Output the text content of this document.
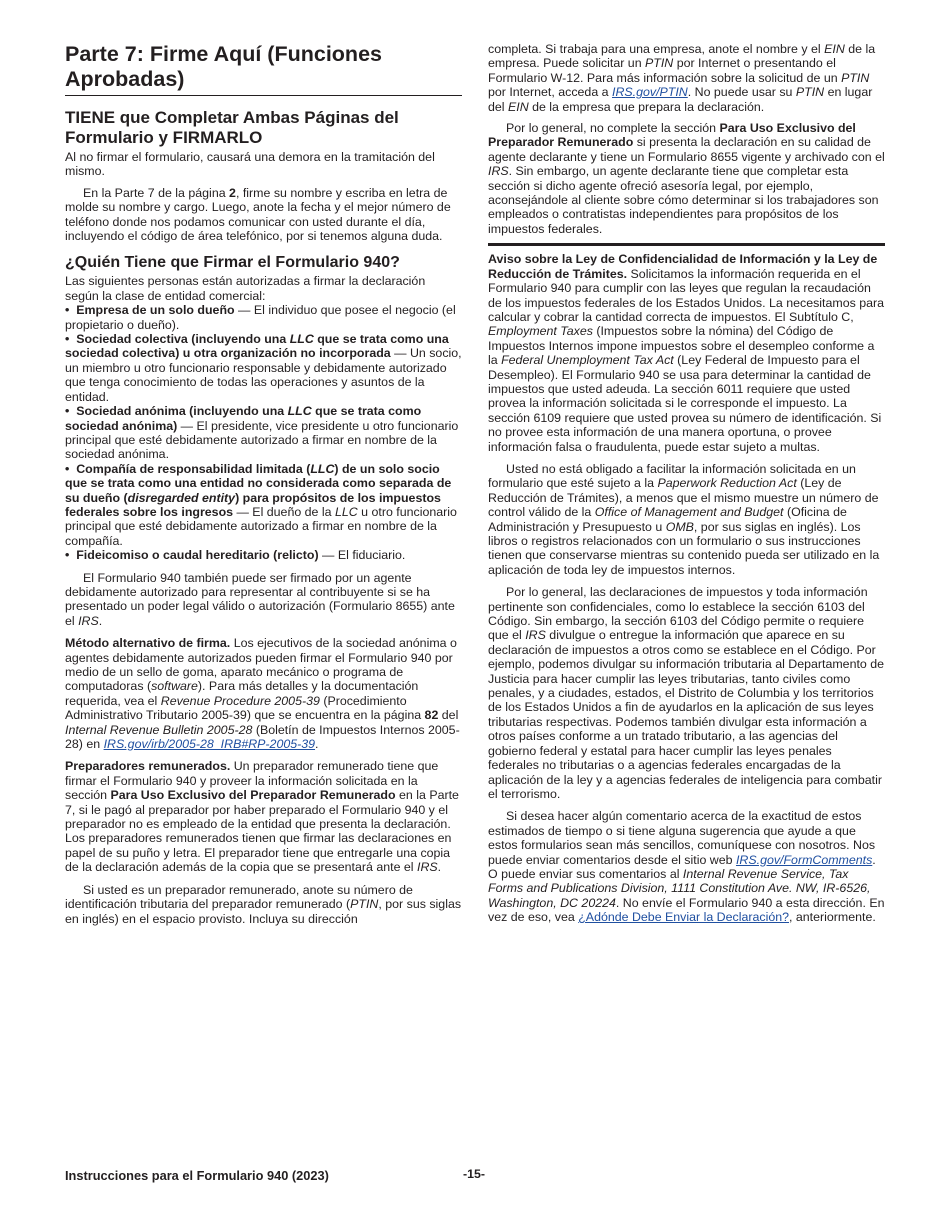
Parte 7: Firme Aquí (Funciones Aprobadas)
TIENE que Completar Ambas Páginas del Formulario y FIRMARLO

Al no firmar el formulario, causará una demora en la tramitación del mismo.

En la Parte 7 de la página 2, firme su nombre y escriba en letra de molde su nombre y cargo. Luego, anote la fecha y el mejor número de teléfono donde nos podamos comunicar con usted durante el día, incluyendo el código de área telefónico, por si tenemos alguna duda.

¿Quién Tiene que Firmar el Formulario 940?

Las siguientes personas están autorizadas a firmar la declaración según la clase de entidad comercial:

•  Empresa de un solo dueño — El individuo que posee el negocio (el propietario o dueño).

•  Sociedad colectiva (incluyendo una LLC que se trata como una sociedad colectiva) u otra organización no incorporada — Un socio, un miembro u otro funcionario responsable y debidamente autorizado que tenga conocimiento de todas las operaciones y asuntos de la entidad.

•  Sociedad anónima (incluyendo una LLC que se trata como sociedad anónima) — El presidente, vice presidente u otro funcionario principal que esté debidamente autorizado a firmar en nombre de la sociedad anónima.

•  Compañía de responsabilidad limitada (LLC) de un solo socio que se trata como una entidad no considerada como separada de su dueño (disregarded entity) para propósitos de los impuestos federales sobre los ingresos — El dueño de la LLC u otro funcionario principal que esté debidamente autorizado a firmar en nombre de la compañía.

•  Fideicomiso o caudal hereditario (relicto) — El fiduciario.

El Formulario 940 también puede ser firmado por un agente debidamente autorizado para representar al contribuyente si se ha presentado un poder legal válido o autorización (Formulario 8655) ante el IRS.

Método alternativo de firma. Los ejecutivos de la sociedad anónima o agentes debidamente autorizados pueden firmar el Formulario 940 por medio de un sello de goma, aparato mecánico o programa de computadoras (software). Para más detalles y la documentación requerida, vea el Revenue Procedure 2005-39 (Procedimiento Administrativo Tributario 2005-39) que se encuentra en la página 82 del Internal Revenue Bulletin 2005-28 (Boletín de Impuestos Internos 2005-28) en IRS.gov/irb/2005-28_IRB#RP-2005-39.

Preparadores remunerados. Un preparador remunerado tiene que firmar el Formulario 940 y proveer la información solicitada en la sección Para Uso Exclusivo del Preparador Remunerado en la Parte 7, si le pagó al preparador por haber preparado el Formulario 940 y el preparador no es empleado de la entidad que presenta la declaración. Los preparadores remunerados tienen que firmar las declaraciones en papel de su puño y letra. El preparador tiene que entregarle una copia de la declaración además de la copia que se presentará ante el IRS.

Si usted es un preparador remunerado, anote su número de identificación tributaria del preparador remunerado (PTIN, por sus siglas en inglés) en el espacio provisto. Incluya su dirección

completa. Si trabaja para una empresa, anote el nombre y el EIN de la empresa. Puede solicitar un PTIN por Internet o presentando el Formulario W-12. Para más información sobre la solicitud de un PTIN por Internet, acceda a IRS.gov/PTIN. No puede usar su PTIN en lugar del EIN de la empresa que prepara la declaración.

Por lo general, no complete la sección Para Uso Exclusivo del Preparador Remunerado si presenta la declaración en su calidad de agente declarante y tiene un Formulario 8655 vigente y archivado con el IRS. Sin embargo, un agente declarante tiene que completar esta sección si dicho agente ofreció asesoría legal, por ejemplo, aconsejándole al cliente sobre cómo determinar si los trabajadores son empleados o contratistas independientes para propósitos de los impuestos federales.

Aviso sobre la Ley de Confidencialidad de Información y la Ley de Reducción de Trámites. Solicitamos la información requerida en el Formulario 940 para cumplir con las leyes que regulan la recaudación de los impuestos federales de los Estados Unidos. La necesitamos para calcular y cobrar la cantidad correcta de impuestos. El Subtítulo C, Employment Taxes (Impuestos sobre la nómina) del Código de Impuestos Internos impone impuestos sobre el desempleo conforme a la Federal Unemployment Tax Act (Ley Federal de Impuesto para el Desempleo). El Formulario 940 se usa para determinar la cantidad de impuestos que usted adeuda. La sección 6011 requiere que usted provea la información solicitada si le corresponde el impuesto. La sección 6109 requiere que usted provea su número de identificación. Si no provee esta información de una manera oportuna, o provee información falsa o fraudulenta, puede estar sujeto a multas.

Usted no está obligado a facilitar la información solicitada en un formulario que esté sujeto a la Paperwork Reduction Act (Ley de Reducción de Trámites), a menos que el mismo muestre un número de control válido de la Office of Management and Budget (Oficina de Administración y Presupuesto u OMB, por sus siglas en inglés). Los libros o registros relacionados con un formulario o sus instrucciones tienen que conservarse mientras su contenido pueda ser utilizado en la aplicación de toda ley de impuestos internos.

Por lo general, las declaraciones de impuestos y toda información pertinente son confidenciales, como lo establece la sección 6103 del Código. Sin embargo, la sección 6103 del Código permite o requiere que el IRS divulgue o entregue la información que aparece en su declaración de impuestos a otros como se establece en el Código. Por ejemplo, podemos divulgar su información tributaria al Departamento de Justicia para hacer cumplir las leyes tributarias, tanto civiles como penales, y a ciudades, estados, el Distrito de Columbia y los territorios de los Estados Unidos a fin de ayudarlos en la aplicación de sus leyes tributarias respectivas. Podemos también divulgar esta información a otros países conforme a un tratado tributario, a las agencias del gobierno federal y estatal para hacer cumplir las leyes penales federales no tributarias o a agencias federales encargadas de la aplicación de la ley y a agencias federales de inteligencia para combatir el terrorismo.

Si desea hacer algún comentario acerca de la exactitud de estos estimados de tiempo o si tiene alguna sugerencia que ayude a que estos formularios sean más sencillos, comuníquese con nosotros. Nos puede enviar comentarios desde el sitio web IRS.gov/FormComments. O puede enviar sus comentarios al Internal Revenue Service, Tax Forms and Publications Division, 1111 Constitution Ave. NW, IR-6526, Washington, DC 20224. No envíe el Formulario 940 a esta dirección. En vez de eso, vea ¿Adónde Debe Enviar la Declaración?, anteriormente.

Instrucciones para el Formulario 940 (2023)	-15-
